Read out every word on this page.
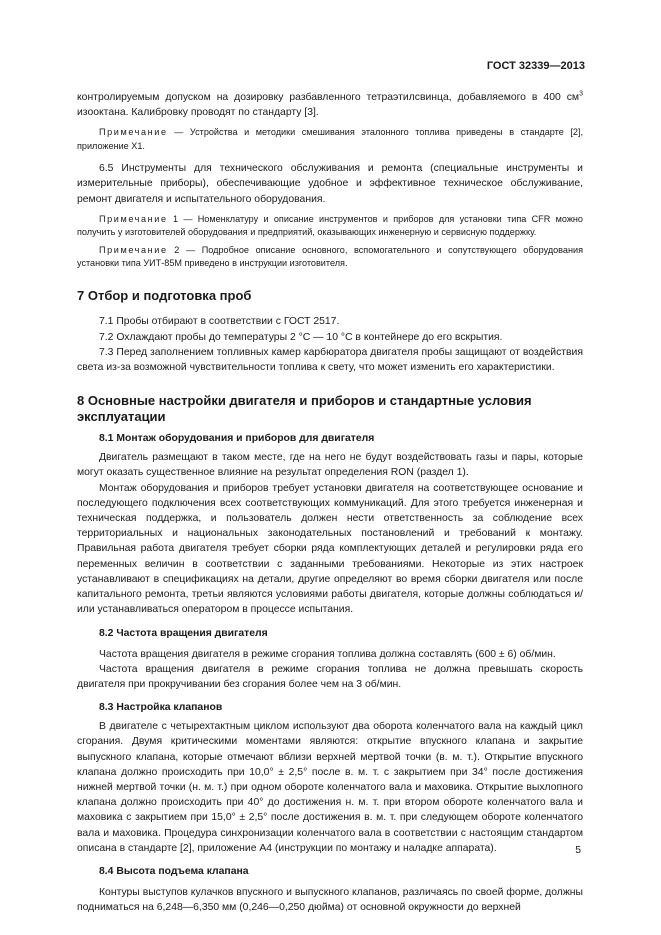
ГОСТ 32339—2013

контролируемым допуском на дозировку разбавленного тетраэтилсвинца, добавляемого в 400 $см^3$ изооктана. Калибровку проводят по стандарту [3].

Примечание — Устройства и методики смешивания эталонного топлива приведены в стандарте [2], приложение X1.

6.5 Инструменты для технического обслуживания и ремонта (специальные инструменты и измерительные приборы), обеспечивающие удобное и эффективное техническое обслуживание, ремонт двигателя и испытательного оборудования.

Примечание 1 — Номенклатуру и описание инструментов и приборов для установки типа CFR можно получить у изготовителей оборудования и предприятий, оказывающих инженерную и сервисную поддержку.

Примечание 2 — Подробное описание основного, вспомогательного и сопутствующего оборудования установки типа УИТ-85М приведено в инструкции изготовителя.

7 Отбор и подготовка проб

7.1 Пробы отбирают в соответствии с ГОСТ 2517.

7.2 Охлаждают пробы до температуры 2 °С — 10 °С в контейнере до его вскрытия.

7.3 Перед заполнением топливных камер карбюратора двигателя пробы защищают от воздействия света из-за возможной чувствительности топлива к свету, что может изменить его характеристики.

8 Основные настройки двигателя и приборов и стандартные условия эксплуатации

8.1 Монтаж оборудования и приборов для двигателя

Двигатель размещают в таком месте, где на него не будут воздействовать газы и пары, которые могут оказать существенное влияние на результат определения RON (раздел 1).

Монтаж оборудования и приборов требует установки двигателя на соответствующее основание и последующего подключения всех соответствующих коммуникаций. Для этого требуется инженерная и техническая поддержка, и пользователь должен нести ответственность за соблюдение всех территориальных и национальных законодательных постановлений и требований к монтажу. Правильная работа двигателя требует сборки ряда комплектующих деталей и регулировки ряда его переменных величин в соответствии с заданными требованиями. Некоторые из этих настроек устанавливают в спецификациях на детали, другие определяют во время сборки двигателя или после капитального ремонта, третьи являются условиями работы двигателя, которые должны соблюдаться и/или устанавливаться оператором в процессе испытания.

8.2 Частота вращения двигателя

Частота вращения двигателя в режиме сгорания топлива должна составлять (600 ± 6) об/мин.

Частота вращения двигателя в режиме сгорания топлива не должна превышать скорость двигателя при прокручивании без сгорания более чем на 3 об/мин.

8.3 Настройка клапанов

В двигателе с четырехтактным циклом используют два оборота коленчатого вала на каждый цикл сгорания. Двумя критическими моментами являются: открытие впускного клапана и закрытие выпускного клапана, которые отмечают вблизи верхней мертвой точки (в. м. т.). Открытие впускного клапана должно происходить при 10,0° ± 2,5° после в. м. т. с закрытием при 34° после достижения нижней мертвой точки (н. м. т.) при одном обороте коленчатого вала и маховика. Открытие выхлопного клапана должно происходить при 40° до достижения н. м. т. при втором обороте коленчатого вала и маховика с закрытием при 15,0° ± 2,5° после достижения в. м. т. при следующем обороте коленчатого вала и маховика. Процедура синхронизации коленчатого вала в соответствии с настоящим стандартом описана в стандарте [2], приложение А4 (инструкции по монтажу и наладке аппарата).

8.4 Высота подъема клапана

Контуры выступов кулачков впускного и выпускного клапанов, различаясь по своей форме, должны подниматься на 6,248—6,350 мм (0,246—0,250 дюйма) от основной окружности до верхней

5
